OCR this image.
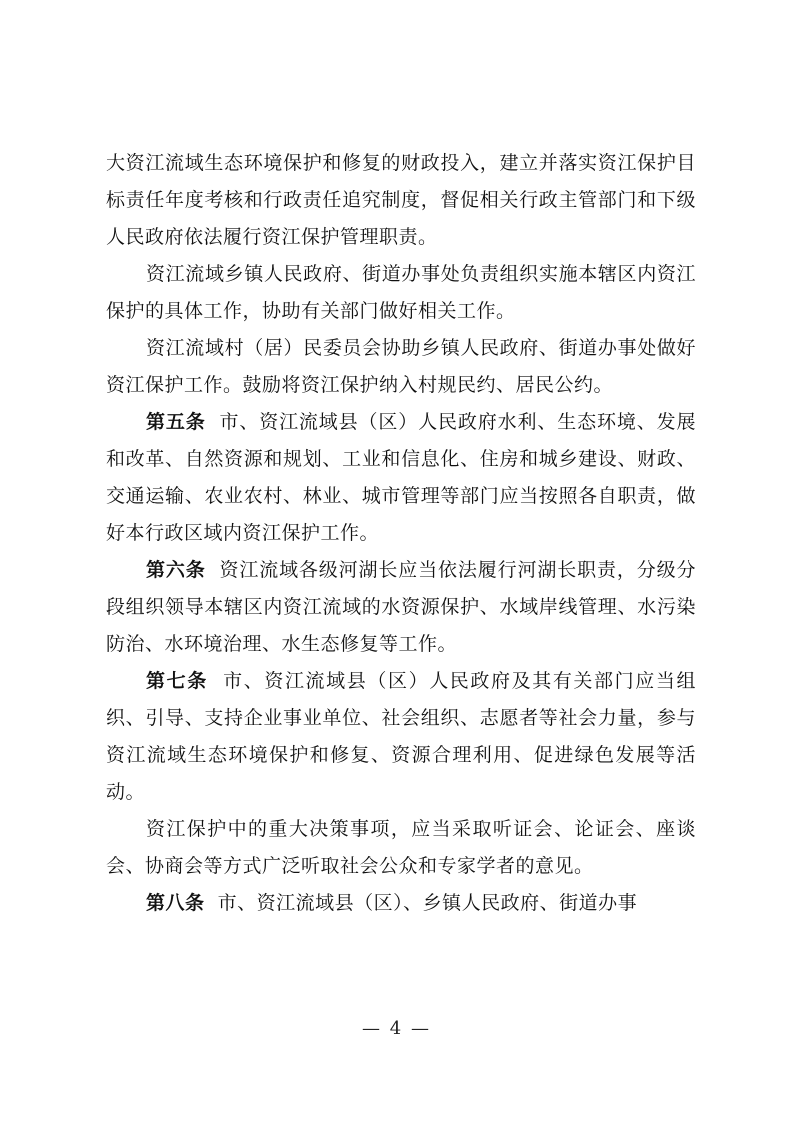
大资江流域生态环境保护和修复的财政投入，建立并落实资江保护目标责任年度考核和行政责任追究制度，督促相关行政主管部门和下级人民政府依法履行资江保护管理职责。

资江流域乡镇人民政府、街道办事处负责组织实施本辖区内资江保护的具体工作，协助有关部门做好相关工作。

资江流域村（居）民委员会协助乡镇人民政府、街道办事处做好资江保护工作。鼓励将资江保护纳入村规民约、居民公约。

第五条 市、资江流域县（区）人民政府水利、生态环境、发展和改革、自然资源和规划、工业和信息化、住房和城乡建设、财政、交通运输、农业农村、林业、城市管理等部门应当按照各自职责，做好本行政区域内资江保护工作。

第六条 资江流域各级河湖长应当依法履行河湖长职责，分级分段组织领导本辖区内资江流域的水资源保护、水域岸线管理、水污染防治、水环境治理、水生态修复等工作。

第七条 市、资江流域县（区）人民政府及其有关部门应当组织、引导、支持企业事业单位、社会组织、志愿者等社会力量，参与资江流域生态环境保护和修复、资源合理利用、促进绿色发展等活动。

资江保护中的重大决策事项，应当采取听证会、论证会、座谈会、协商会等方式广泛听取社会公众和专家学者的意见。

第八条 市、资江流域县（区）、乡镇人民政府、街道办事

— 4 —
